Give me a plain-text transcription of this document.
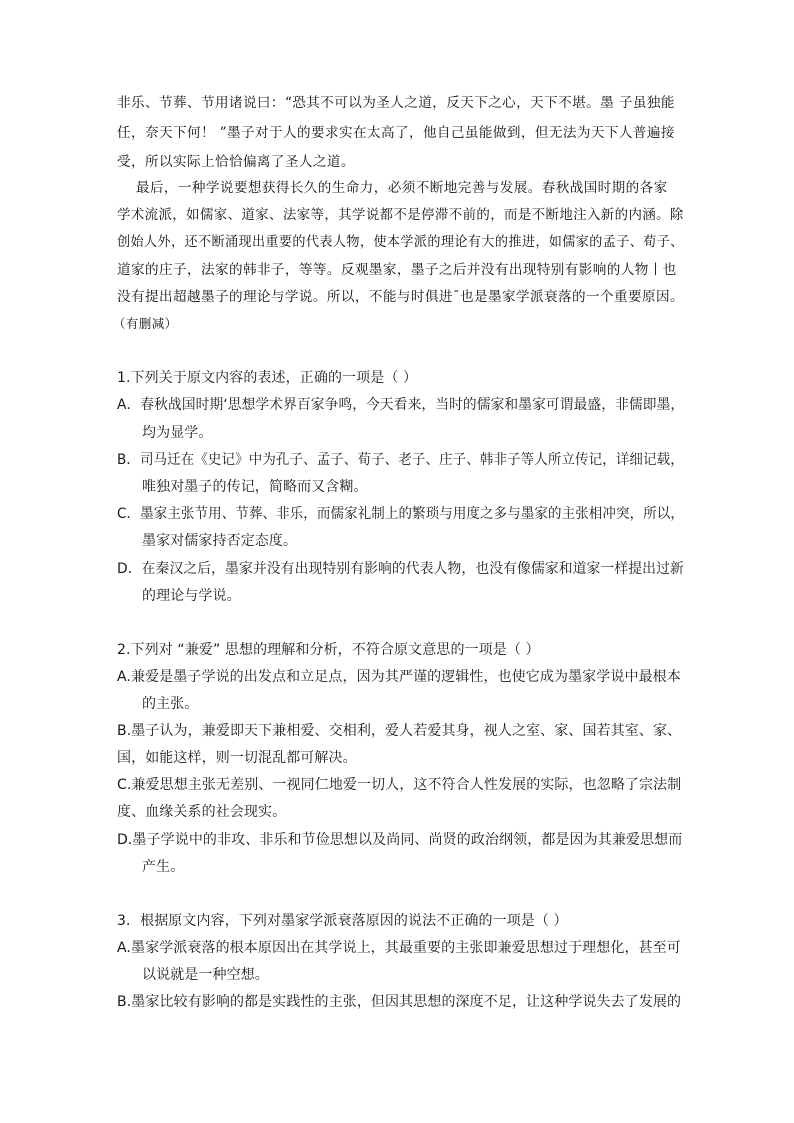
非乐、节葬、节用诸说曰：“恐其不可以为圣人之道，反天下之心，天下不堪。墨 子虽独能
任，奈天下何！ ”墨子对于人的要求实在太高了，他自己虽能做到，但无法为天下人普遍接
受，所以实际上恰恰偏离了圣人之道。
最后，一种学说要想获得长久的生命力，必须不断地完善与发展。春秋战国时期的各家
学术流派，如儒家、道家、法家等，其学说都不是停滞不前的，而是不断地注入新的内涵。除
创始人外，还不断涌现出重要的代表人物，使本学派的理论有大的推进，如儒家的孟子、荀子、
道家的庄子，法家的韩非子，等等。反观墨家，墨子之后并没有出现特别有影响的人物丨也
没有提出超越墨子的理论与学说。所以，不能与时俱进¯也是墨家学派衰落的一个重要原因。
（有删减）
1.下列关于原文内容的表述，正确的一项是（ ）
A．春秋战国时期‘思想学术界百家争鸣，今天看来，当时的儒家和墨家可谓最盛，非儒即墨，
均为显学。
B．司马迁在《史记》中为孔子、孟子、荀子、老子、庄子、韩非子等人所立传记，详细记载，
唯独对墨子的传记，简略而又含糊。
C．墨家主张节用、节葬、非乐，而儒家礼制上的繁琐与用度之多与墨家的主张相冲突，所以，
墨家对儒家持否定态度。
D．在秦汉之后，墨家并没有出现特别有影响的代表人物，也没有像儒家和道家一样提出过新
的理论与学说。
2.下列对 “兼爱” 思想的理解和分析，不符合原文意思的一项是（ ）
A.兼爱是墨子学说的出发点和立足点，因为其严谨的逻辑性，也使它成为墨家学说中最根本
的主张。
B.墨子认为，兼爱即天下兼相爱、交相利，爱人若爱其身，视人之室、家、国若其室、家、
国，如能这样，则一切混乱都可解决。
C.兼爱思想主张无差别、一视同仁地爱一切人，这不符合人性发展的实际，也忽略了宗法制
度、血缘关系的社会现实。
D.墨子学说中的非攻、非乐和节俭思想以及尚同、尚贤的政治纲领，都是因为其兼爱思想而
产生。
3．根据原文内容，下列对墨家学派衰落原因的说法不正确的一项是（ ）
A.墨家学派衰落的根本原因出在其学说上，其最重要的主张即兼爱思想过于理想化，甚至可
以说就是一种空想。
B.墨家比较有影响的都是实践性的主张，但因其思想的深度不足，让这种学说失去了发展的
